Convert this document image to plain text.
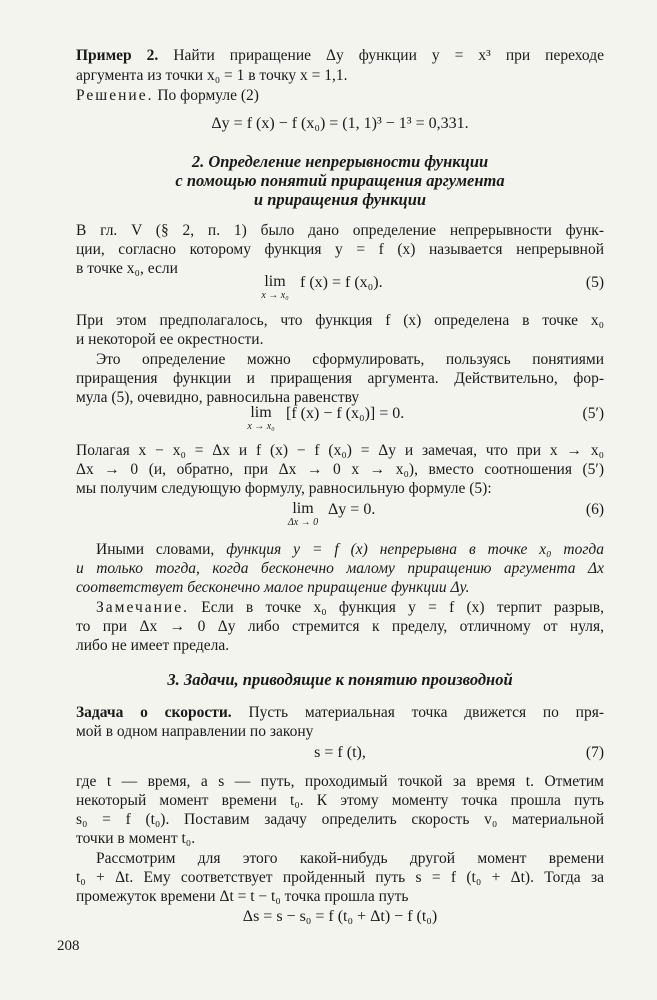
Пример 2. Найти приращение Δy функции y = x³ при переходе
аргумента из точки x₀ = 1 в точку x = 1,1.
Решение. По формуле (2)
Δy = f (x) − f (x₀) = (1, 1)³ − 1³ = 0,331.
2. Определение непрерывности функции
с помощью понятий приращения аргумента
и приращения функции
В гл. V (§ 2, п. 1) было дано определение непрерывности функ-
ции, согласно которому функция y = f (x) называется непрерывной
в точке x₀, если
lim
x → x₀
f (x) = f (x₀).	(5)
При этом предполагалось, что функция f (x) определена в точке x₀
и некоторой ее окрестности.
Это определение можно сформулировать, пользуясь понятиями
приращения функции и приращения аргумента. Действительно, фор-
мула (5), очевидно, равносильна равенству
lim
x → x₀
[f (x) − f (x₀)] = 0.	(5′)
Полагая x − x₀ = Δx и f (x) − f (x₀) = Δy и замечая, что при x → x₀
Δx → 0 (и, обратно, при Δx → 0 x → x₀), вместо соотношения (5′)
мы получим следующую формулу, равносильную формуле (5):
lim
Δx → 0
Δy = 0.	(6)
Иными словами, функция y = f (x) непрерывна в точке x₀ тогда
и только тогда, когда бесконечно малому приращению аргумента Δx
соответствует бесконечно малое приращение функции Δy.
Замечание. Если в точке x₀ функция y = f (x) терпит разрыв,
то при Δx → 0 Δy либо стремится к пределу, отличному от нуля,
либо не имеет предела.
3. Задачи, приводящие к понятию производной
Задача о скорости. Пусть материальная точка движется по пря-
мой в одном направлении по закону
s = f (t),	(7)
где t — время, а s — путь, проходимый точкой за время t. Отметим
некоторый момент времени t₀. К этому моменту точка прошла путь
s₀ = f (t₀). Поставим задачу определить скорость v₀ материальной
точки в момент t₀.
Рассмотрим для этого какой-нибудь другой момент времени
t₀ + Δt. Ему соответствует пройденный путь s = f (t₀ + Δt). Тогда за
промежуток времени Δt = t − t₀ точка прошла путь
Δs = s − s₀ = f (t₀ + Δt) − f (t₀)
208
